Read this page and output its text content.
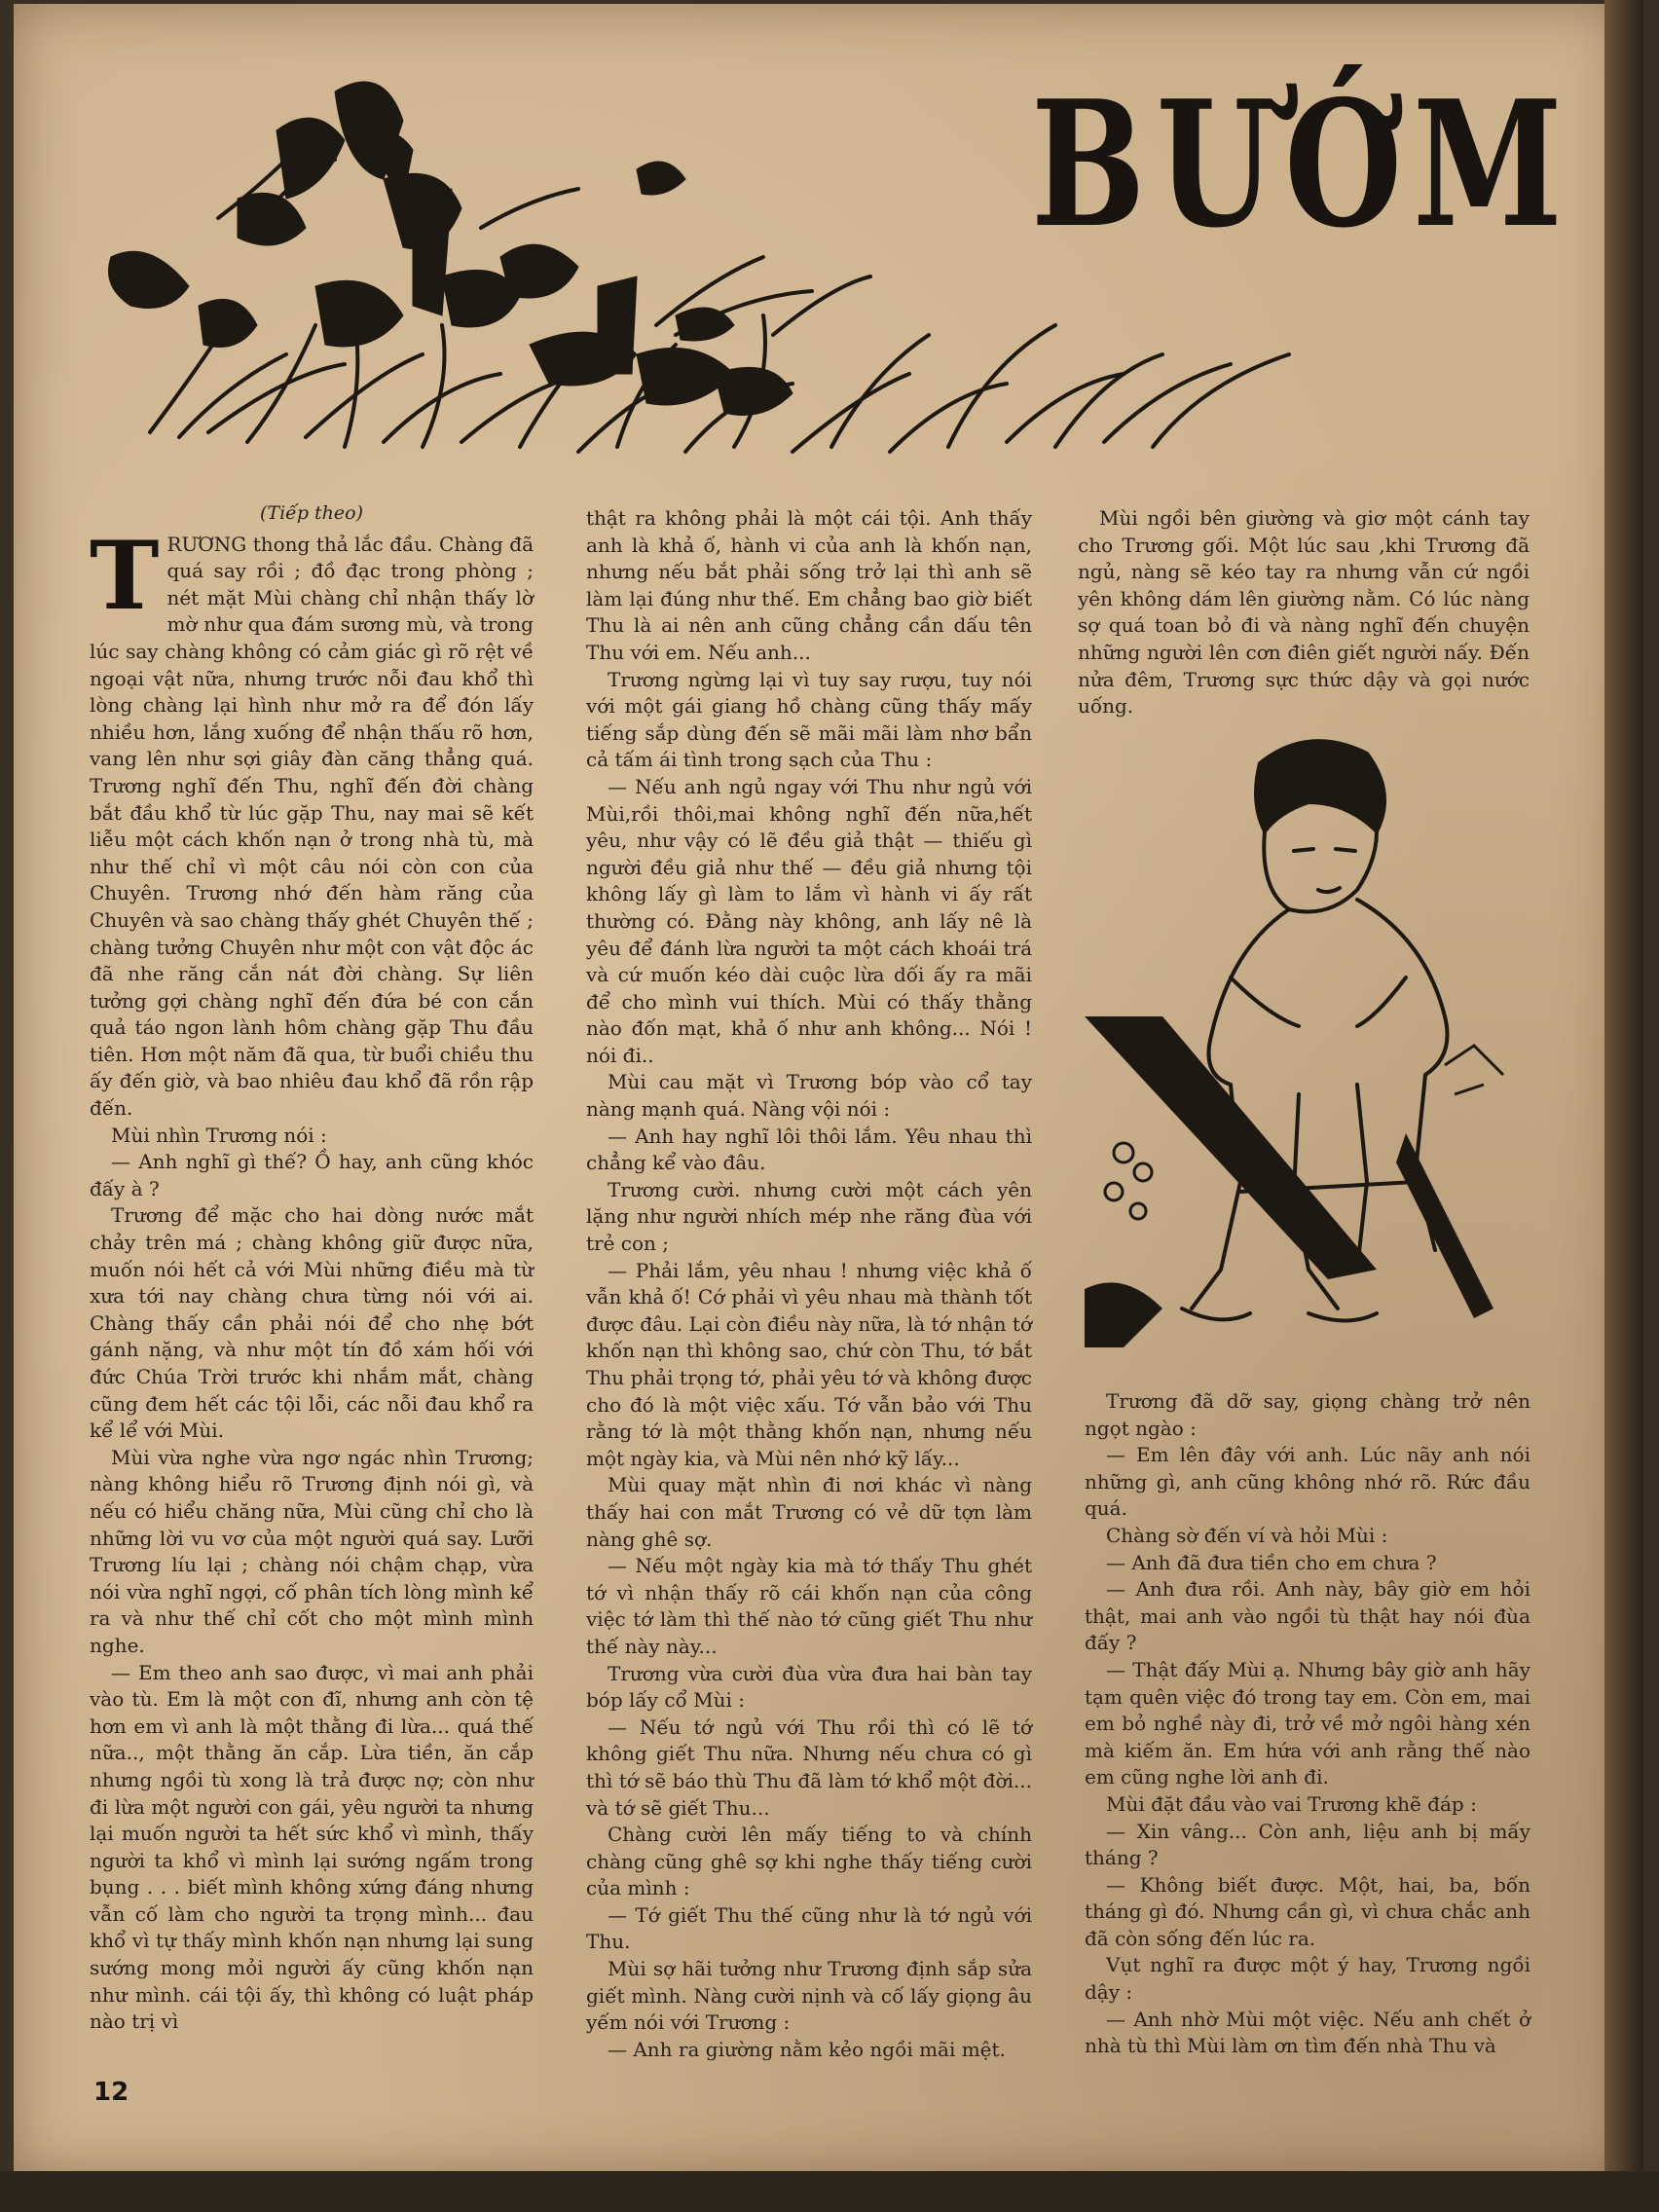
BƯỚM
(Tiếp theo)

TRƯƠNG thong thả lắc đầu. Chàng đã quá say rồi ; đồ đạc trong phòng ; nét mặt Mùi chàng chỉ nhận thấy lờ mờ như qua đám sương mù, và trong lúc say chàng không có cảm giác gì rõ rệt về ngoại vật nữa, nhưng trước nỗi đau khổ thì lòng chàng lại hình như mở ra để đón lấy nhiều hơn, lắng xuống để nhận thấu rõ hơn, vang lên như sợi giây đàn căng thẳng quá. Trương nghĩ đến Thu, nghĩ đến đời chàng bắt đầu khổ từ lúc gặp Thu, nay mai sẽ kết liễu một cách khốn nạn ở trong nhà tù, mà như thế chỉ vì một câu nói còn con của Chuyên. Trương nhớ đến hàm răng của Chuyên và sao chàng thấy ghét Chuyên thế ; chàng tưởng Chuyên như một con vật độc ác đã nhe răng cắn nát đời chàng. Sự liên tưởng gợi chàng nghĩ đến đứa bé con cắn quả táo ngon lành hôm chàng gặp Thu đầu tiên. Hơn một năm đã qua, từ buổi chiều thu ấy đến giờ, và bao nhiêu đau khổ đã rồn rập đến.

Mùi nhìn Trương nói :

— Anh nghĩ gì thế? Ồ hay, anh cũng khóc đấy à ?

Trương để mặc cho hai dòng nước mắt chảy trên má ; chàng không giữ được nữa, muốn nói hết cả với Mùi những điều mà từ xưa tới nay chàng chưa từng nói với ai. Chàng thấy cần phải nói để cho nhẹ bớt gánh nặng, và như một tín đồ xám hối với đức Chúa Trời trước khi nhắm mắt, chàng cũng đem hết các tội lỗi, các nỗi đau khổ ra kể lể với Mùi.

Mùi vừa nghe vừa ngơ ngác nhìn Trương; nàng không hiểu rõ Trương định nói gì, và nếu có hiểu chăng nữa, Mùi cũng chỉ cho là những lời vu vơ của một người quá say. Lưỡi Trương líu lại ; chàng nói chậm chạp, vừa nói vừa nghĩ ngợi, cố phân tích lòng mình kể ra và như thế chỉ cốt cho một mình mình nghe.

— Em theo anh sao được, vì mai anh phải vào tù. Em là một con đĩ, nhưng anh còn tệ hơn em vì anh là một thằng đi lừa... quá thế nữa.., một thằng ăn cắp. Lừa tiền, ăn cắp nhưng ngồi tù xong là trả được nợ; còn như đi lừa một người con gái, yêu người ta nhưng lại muốn người ta hết sức khổ vì mình, thấy người ta khổ vì mình lại sướng ngấm trong bụng . . . biết mình không xứng đáng nhưng vẫn cố làm cho người ta trọng mình... đau khổ vì tự thấy mình khốn nạn nhưng lại sung sướng mong mỏi người ấy cũng khốn nạn như mình. cái tội ấy, thì không có luật pháp nào trị vì

thật ra không phải là một cái tội. Anh thấy anh là khả ố, hành vi của anh là khốn nạn, nhưng nếu bắt phải sống trở lại thì anh sẽ làm lại đúng như thế. Em chẳng bao giờ biết Thu là ai nên anh cũng chẳng cần dấu tên Thu với em. Nếu anh...

Trương ngừng lại vì tuy say rượu, tuy nói với một gái giang hồ chàng cũng thấy mấy tiếng sắp dùng đến sẽ mãi mãi làm nhơ bẩn cả tấm ái tình trong sạch của Thu :

— Nếu anh ngủ ngay với Thu như ngủ với Mùi,rồi thôi,mai không nghĩ đến nữa,hết yêu, như vậy có lẽ đều giả thật — thiếu gì người đều giả như thế — đều giả nhưng tội không lấy gì làm to lắm vì hành vi ấy rất thường có. Đằng này không, anh lấy nê là yêu để đánh lừa người ta một cách khoái trá và cứ muốn kéo dài cuộc lừa dối ấy ra mãi để cho mình vui thích. Mùi có thấy thằng nào đốn mạt, khả ố như anh không... Nói ! nói đi..

Mùi cau mặt vì Trương bóp vào cổ tay nàng mạnh quá. Nàng vội nói :

— Anh hay nghĩ lôi thôi lắm. Yêu nhau thì chẳng kể vào đâu.

Trương cười. nhưng cười một cách yên lặng như người nhích mép nhe răng đùa với trẻ con ;

— Phải lắm, yêu nhau ! nhưng việc khả ố vẫn khả ố! Cớ phải vì yêu nhau mà thành tốt được đâu. Lại còn điều này nữa, là tớ nhận tớ khốn nạn thì không sao, chứ còn Thu, tớ bắt Thu phải trọng tớ, phải yêu tớ và không được cho đó là một việc xấu. Tớ vẫn bảo với Thu rằng tớ là một thằng khốn nạn, nhưng nếu một ngày kia, và Mùi nên nhớ kỹ lấy...

Mùi quay mặt nhìn đi nơi khác vì nàng thấy hai con mắt Trương có vẻ dữ tợn làm nàng ghê sợ.

— Nếu một ngày kia mà tớ thấy Thu ghét tớ vì nhận thấy rõ cái khốn nạn của công việc tớ làm thì thế nào tớ cũng giết Thu như thế này này...

Trương vừa cười đùa vừa đưa hai bàn tay bóp lấy cổ Mùi :

— Nếu tớ ngủ với Thu rồi thì có lẽ tớ không giết Thu nữa. Nhưng nếu chưa có gì thì tớ sẽ báo thù Thu đã làm tớ khổ một đời... và tớ sẽ giết Thu...

Chàng cười lên mấy tiếng to và chính chàng cũng ghê sợ khi nghe thấy tiếng cười của mình :

— Tớ giết Thu thế cũng như là tớ ngủ với Thu.

Mùi sợ hãi tưởng như Trương định sắp sửa giết mình. Nàng cười nịnh và cố lấy giọng âu yếm nói với Trương :

— Anh ra giường nằm kẻo ngồi mãi mệt.

Mùi ngồi bên giường và giơ một cánh tay cho Trương gối. Một lúc sau ,khi Trương đã ngủ, nàng sẽ kéo tay ra nhưng vẫn cứ ngồi yên không dám lên giường nằm. Có lúc nàng sợ quá toan bỏ đi và nàng nghĩ đến chuyện những người lên cơn điên giết người nấy. Đến nửa đêm, Trương sực thức dậy và gọi nước uống.

Trương đã dỡ say, giọng chàng trở nên ngọt ngào :

— Em lên đây với anh. Lúc nãy anh nói những gì, anh cũng không nhớ rõ. Rức đầu quá.

Chàng sờ đến ví và hỏi Mùi :

— Anh đã đưa tiền cho em chưa ?

— Anh đưa rồi. Anh này, bây giờ em hỏi thật, mai anh vào ngồi tù thật hay nói đùa đấy ?

— Thật đấy Mùi ạ. Nhưng bây giờ anh hãy tạm quên việc đó trong tay em. Còn em, mai em bỏ nghề này đi, trở về mở ngôi hàng xén mà kiếm ăn. Em hứa với anh rằng thế nào em cũng nghe lời anh đi.

Mùi đặt đầu vào vai Trương khẽ đáp :

— Xin vâng... Còn anh, liệu anh bị mấy tháng ?

— Không biết được. Một, hai, ba, bốn tháng gì đó. Nhưng cần gì, vì chưa chắc anh đã còn sống đến lúc ra.

Vụt nghĩ ra được một ý hay, Trương ngồi dậy :

— Anh nhờ Mùi một việc. Nếu anh chết ở nhà tù thì Mùi làm ơn tìm đến nhà Thu và

12
